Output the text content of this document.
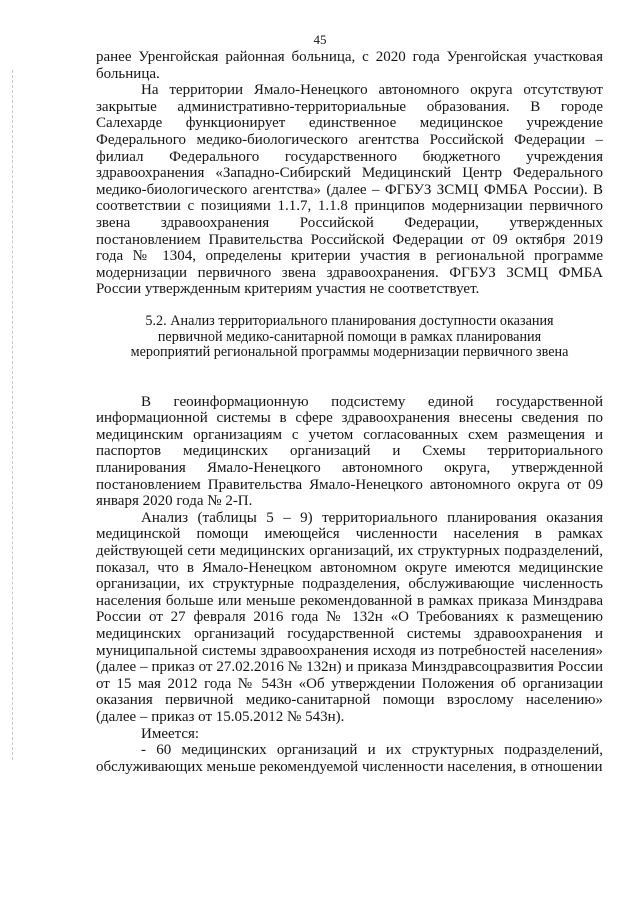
45

ранее Уренгойская районная больница, с 2020 года Уренгойская участковая больница.

На территории Ямало-Ненецкого автономного округа отсутствуют закрытые административно-территориальные образования. В городе Салехарде функционирует единственное медицинское учреждение Федерального медико-биологического агентства Российской Федерации – филиал Федерального государственного бюджетного учреждения здравоохранения «Западно-Сибирский Медицинский Центр Федерального медико-биологического агентства» (далее – ФГБУЗ ЗСМЦ ФМБА России). В соответствии с позициями 1.1.7, 1.1.8 принципов модернизации первичного звена здравоохранения Российской Федерации, утвержденных постановлением Правительства Российской Федерации от 09 октября 2019 года № 1304, определены критерии участия в региональной программе модернизации первичного звена здравоохранения. ФГБУЗ ЗСМЦ ФМБА России утвержденным критериям участия не соответствует.

5.2. Анализ территориального планирования доступности оказания первичной медико-санитарной помощи в рамках планирования мероприятий региональной программы модернизации первичного звена

В геоинформационную подсистему единой государственной информационной системы в сфере здравоохранения внесены сведения по медицинским организациям с учетом согласованных схем размещения и паспортов медицинских организаций и Схемы территориального планирования Ямало-Ненецкого автономного округа, утвержденной постановлением Правительства Ямало-Ненецкого автономного округа от 09 января 2020 года № 2-П.

Анализ (таблицы 5 – 9) территориального планирования оказания медицинской помощи имеющейся численности населения в рамках действующей сети медицинских организаций, их структурных подразделений, показал, что в Ямало-Ненецком автономном округе имеются медицинские организации, их структурные подразделения, обслуживающие численность населения больше или меньше рекомендованной в рамках приказа Минздрава России от 27 февраля 2016 года № 132н «О Требованиях к размещению медицинских организаций государственной системы здравоохранения и муниципальной системы здравоохранения исходя из потребностей населения» (далее – приказ от 27.02.2016 № 132н) и приказа Минздравсоцразвития России от 15 мая 2012 года № 543н «Об утверждении Положения об организации оказания первичной медико-санитарной помощи взрослому населению» (далее – приказ от 15.05.2012 № 543н).

Имеется:

- 60 медицинских организаций и их структурных подразделений, обслуживающих меньше рекомендуемой численности населения, в отношении
